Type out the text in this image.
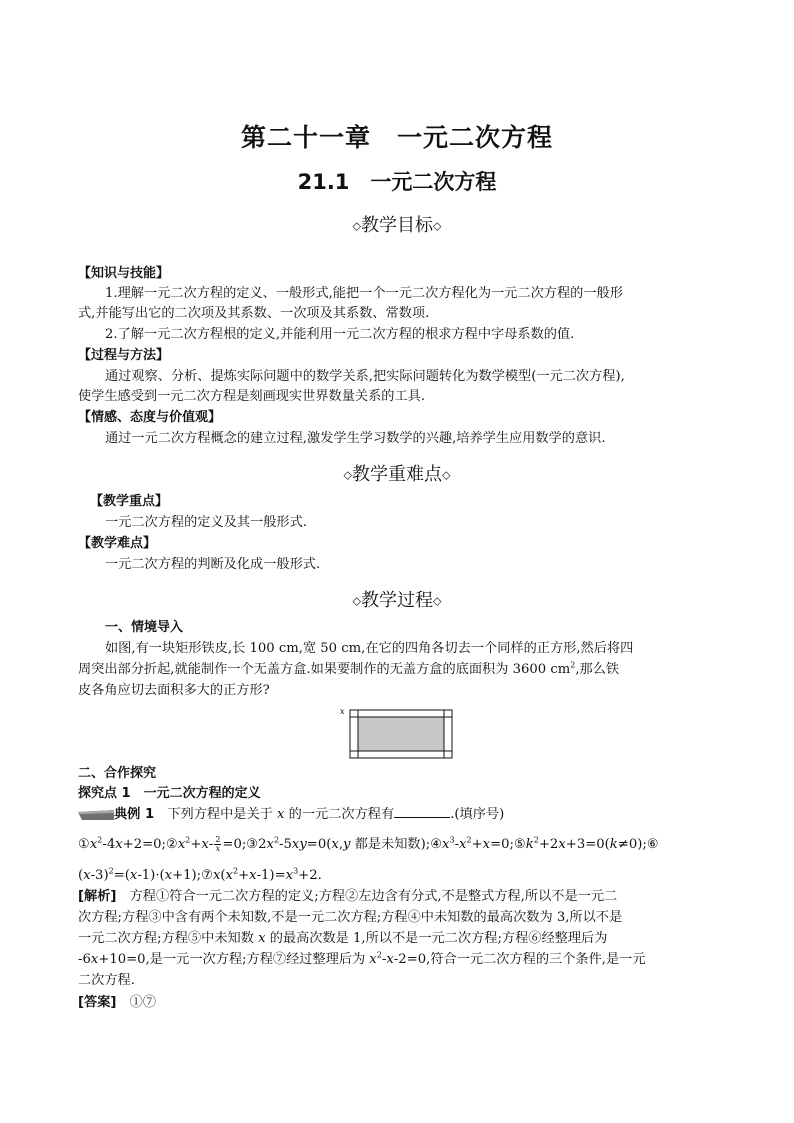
第二十一章　一元二次方程
21.1　一元二次方程
◇教学目标◇
【知识与技能】
1.理解一元二次方程的定义、一般形式,能把一个一元二次方程化为一元二次方程的一般形
式,并能写出它的二次项及其系数、一次项及其系数、常数项.
2.了解一元二次方程根的定义,并能利用一元二次方程的根求方程中字母系数的值.
【过程与方法】
通过观察、分析、提炼实际问题中的数学关系,把实际问题转化为数学模型(一元二次方程),
使学生感受到一元二次方程是刻画现实世界数量关系的工具.
【情感、态度与价值观】
通过一元二次方程概念的建立过程,激发学生学习数学的兴趣,培养学生应用数学的意识.
◇教学重难点◇
【教学重点】
一元二次方程的定义及其一般形式.
【教学难点】
一元二次方程的判断及化成一般形式.
◇教学过程◇
一、情境导入
如图,有一块矩形铁皮,长 100 cm,宽 50 cm,在它的四角各切去一个同样的正方形,然后将四
周突出部分折起,就能制作一个无盖方盒.如果要制作的无盖方盒的底面积为 3600 $cm^2$,那么铁
皮各角应切去面积多大的正方形?
x
二、合作探究
探究点 1　一元二次方程的定义
典例 1　下列方程中是关于 x 的一元二次方程有	.(填序号)
$①x^2-4x+2=0;②x^2+x- \frac{2}{x}$ $=0;③2x^2-5xy=0(x,y$ 都是未知数)$;④x^3-x^2+x=0;⑤k^2+2x+3=0(k\ne 0);⑥$
$(x-3)^2=(x-1)\cdot(x+1);⑦x(x^2+x-1)=x^3+2$.
[解析]　方程①符合一元二次方程的定义;方程②左边含有分式,不是整式方程,所以不是一元二
次方程;方程③中含有两个未知数,不是一元二次方程;方程④中未知数的最高次数为 3,所以不是
一元二次方程;方程⑤中未知数 x 的最高次数是 1,所以不是一元二次方程;方程⑥经整理后为
-6x+10=0,是一元一次方程;方程⑦经过整理后为 $x^2-x-2=0$,符合一元二次方程的三个条件,是一元
二次方程.
[答案]　①⑦
